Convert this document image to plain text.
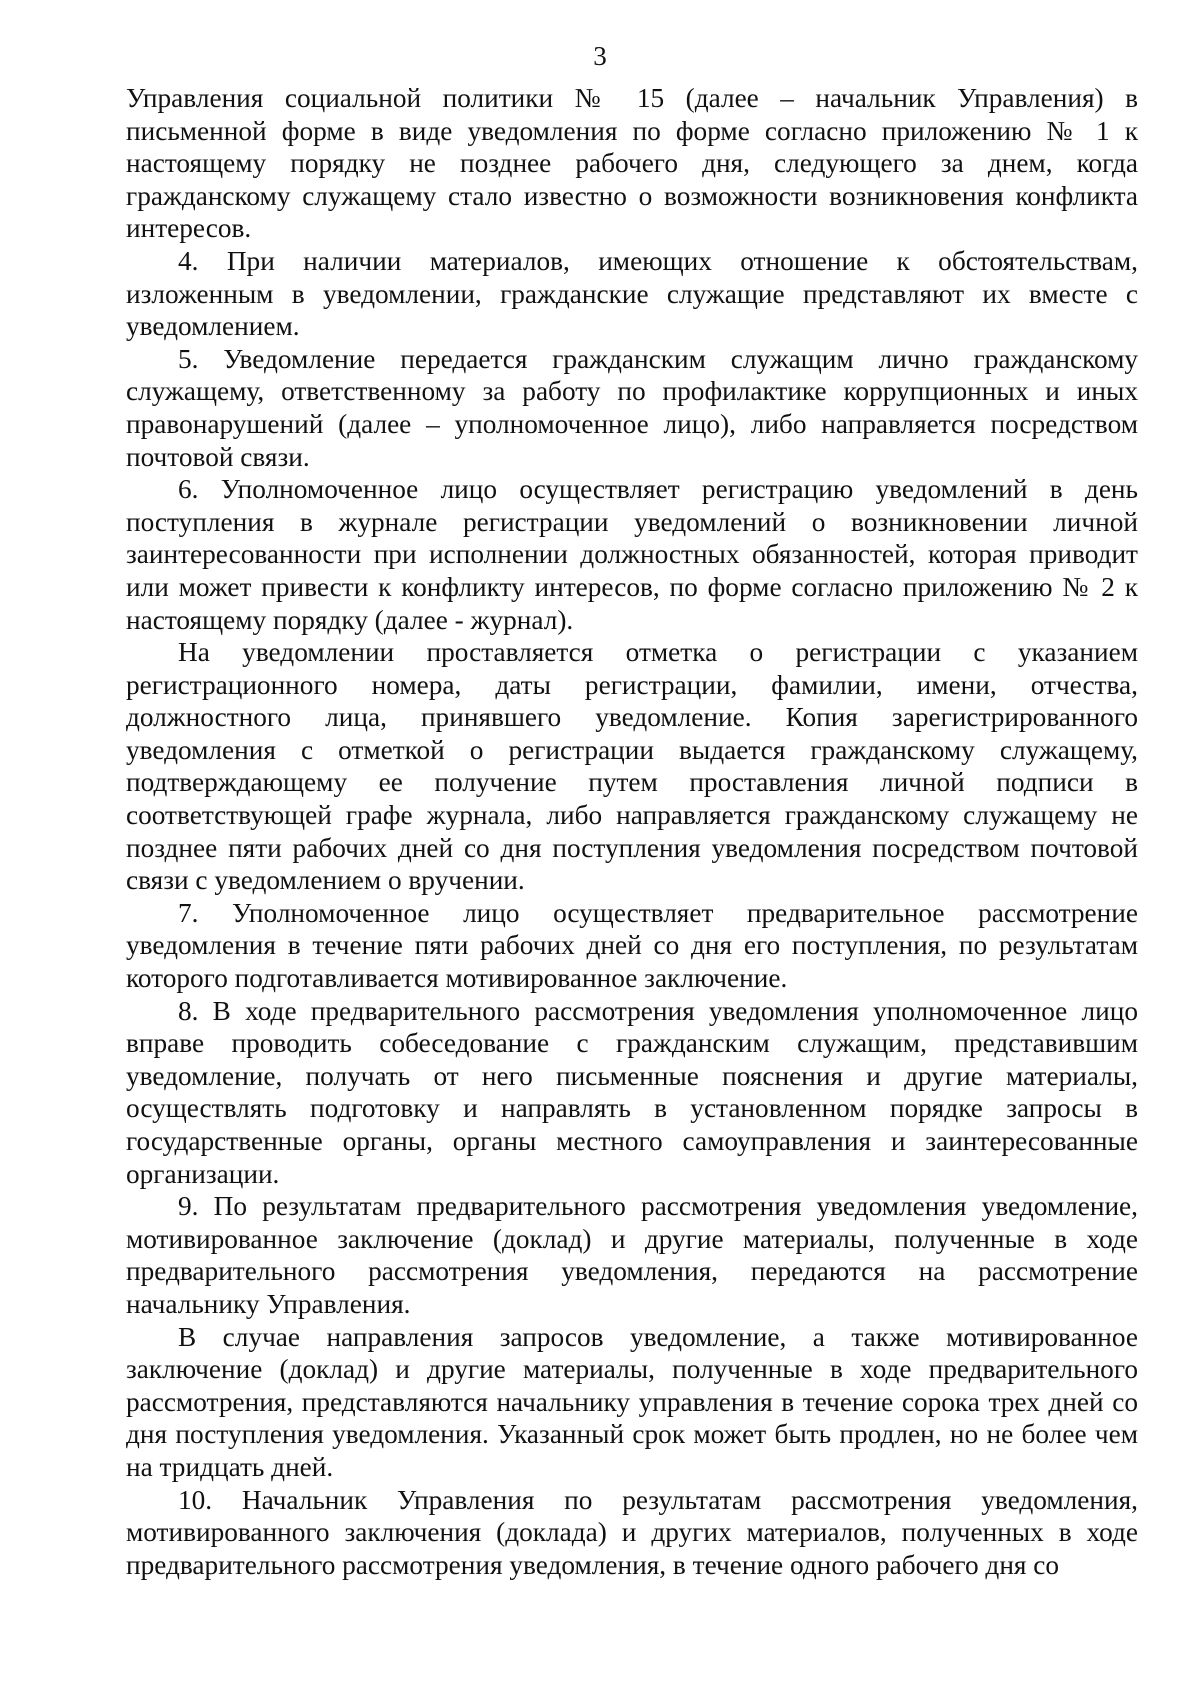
3

Управления социальной политики № 15 (далее – начальник Управления) в письменной форме в виде уведомления по форме согласно приложению № 1 к настоящему порядку не позднее рабочего дня, следующего за днем, когда гражданскому служащему стало известно о возможности возникновения конфликта интересов.

4. При наличии материалов, имеющих отношение к обстоятельствам, изложенным в уведомлении, гражданские служащие представляют их вместе с уведомлением.

5. Уведомление передается гражданским служащим лично гражданскому служащему, ответственному за работу по профилактике коррупционных и иных правонарушений (далее – уполномоченное лицо), либо направляется посредством почтовой связи.

6. Уполномоченное лицо осуществляет регистрацию уведомлений в день поступления в журнале регистрации уведомлений о возникновении личной заинтересованности при исполнении должностных обязанностей, которая приводит или может привести к конфликту интересов, по форме согласно приложению № 2 к настоящему порядку (далее - журнал).

На уведомлении проставляется отметка о регистрации с указанием регистрационного номера, даты регистрации, фамилии, имени, отчества, должностного лица, принявшего уведомление. Копия зарегистрированного уведомления с отметкой о регистрации выдается гражданскому служащему, подтверждающему ее получение путем проставления личной подписи в соответствующей графе журнала, либо направляется гражданскому служащему не позднее пяти рабочих дней со дня поступления уведомления посредством почтовой связи с уведомлением о вручении.

7. Уполномоченное лицо осуществляет предварительное рассмотрение уведомления в течение пяти рабочих дней со дня его поступления, по результатам которого подготавливается мотивированное заключение.

8. В ходе предварительного рассмотрения уведомления уполномоченное лицо вправе проводить собеседование с гражданским служащим, представившим уведомление, получать от него письменные пояснения и другие материалы, осуществлять подготовку и направлять в установленном порядке запросы в государственные органы, органы местного самоуправления и заинтересованные организации.

9. По результатам предварительного рассмотрения уведомления уведомление, мотивированное заключение (доклад) и другие материалы, полученные в ходе предварительного рассмотрения уведомления, передаются на рассмотрение начальнику Управления.

В случае направления запросов уведомление, а также мотивированное заключение (доклад) и другие материалы, полученные в ходе предварительного рассмотрения, представляются начальнику управления в течение сорока трех дней со дня поступления уведомления. Указанный срок может быть продлен, но не более чем на тридцать дней.

10. Начальник Управления по результатам рассмотрения уведомления, мотивированного заключения (доклада) и других материалов, полученных в ходе предварительного рассмотрения уведомления, в течение одного рабочего дня со
